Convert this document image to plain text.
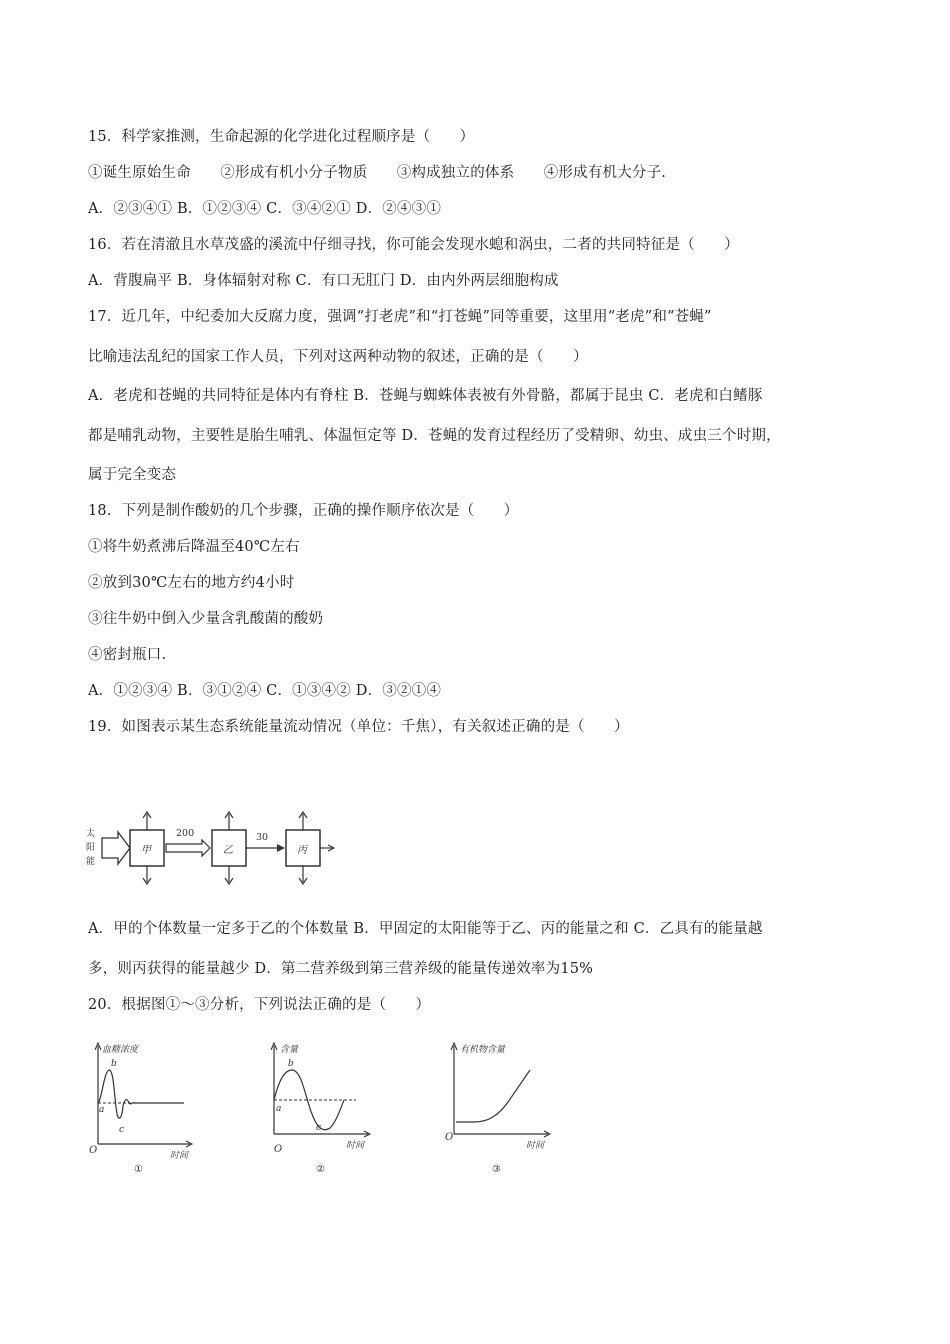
15．科学家推测，生命起源的化学进化过程顺序是（　　）
①诞生原始生命　　②形成有机小分子物质　　③构成独立的体系　　④形成有机大分子.
A．②③④① B．①②③④ C．③④②① D．②④③①
16．若在清澈且水草茂盛的溪流中仔细寻找，你可能会发现水螅和涡虫，二者的共同特征是（　　）
A．背腹扁平 B．身体辐射对称 C．有口无肛门 D．由内外两层细胞构成
17．近几年，中纪委加大反腐力度，强调“打老虎”和“打苍蝇”同等重要，这里用“老虎”和“苍蝇”
比喻违法乱纪的国家工作人员，下列对这两种动物的叙述，正确的是（　　）
A．老虎和苍蝇的共同特征是体内有脊柱 B．苍蝇与蜘蛛体表被有外骨骼，都属于昆虫 C．老虎和白鳍豚
都是哺乳动物，主要牲是胎生哺乳、体温恒定等 D．苍蝇的发育过程经历了受精卵、幼虫、成虫三个时期，
属于完全变态
18．下列是制作酸奶的几个步骤，正确的操作顺序依次是（　　）
①将牛奶煮沸后降温至40℃左右
②放到30℃左右的地方约4小时
③往牛奶中倒入少量含乳酸菌的酸奶
④密封瓶口.
A．①②③④ B．③①②④ C．①③④② D．③②①④
19．如图表示某生态系统能量流动情况（单位：千焦），有关叙述正确的是（　　）
太
阳
能
甲
200
乙
30
丙
A．甲的个体数量一定多于乙的个体数量 B．甲固定的太阳能等于乙、丙的能量之和 C．乙具有的能量越
多，则丙获得的能量越少 D．第二营养级到第三营养级的能量传递效率为15%
20．根据图①～③分析，下列说法正确的是（　　）
血糖浓度
时间
O
b
a
c
①
含量
时间
O
b
a
c
②
有机物含量
时间
O
③
